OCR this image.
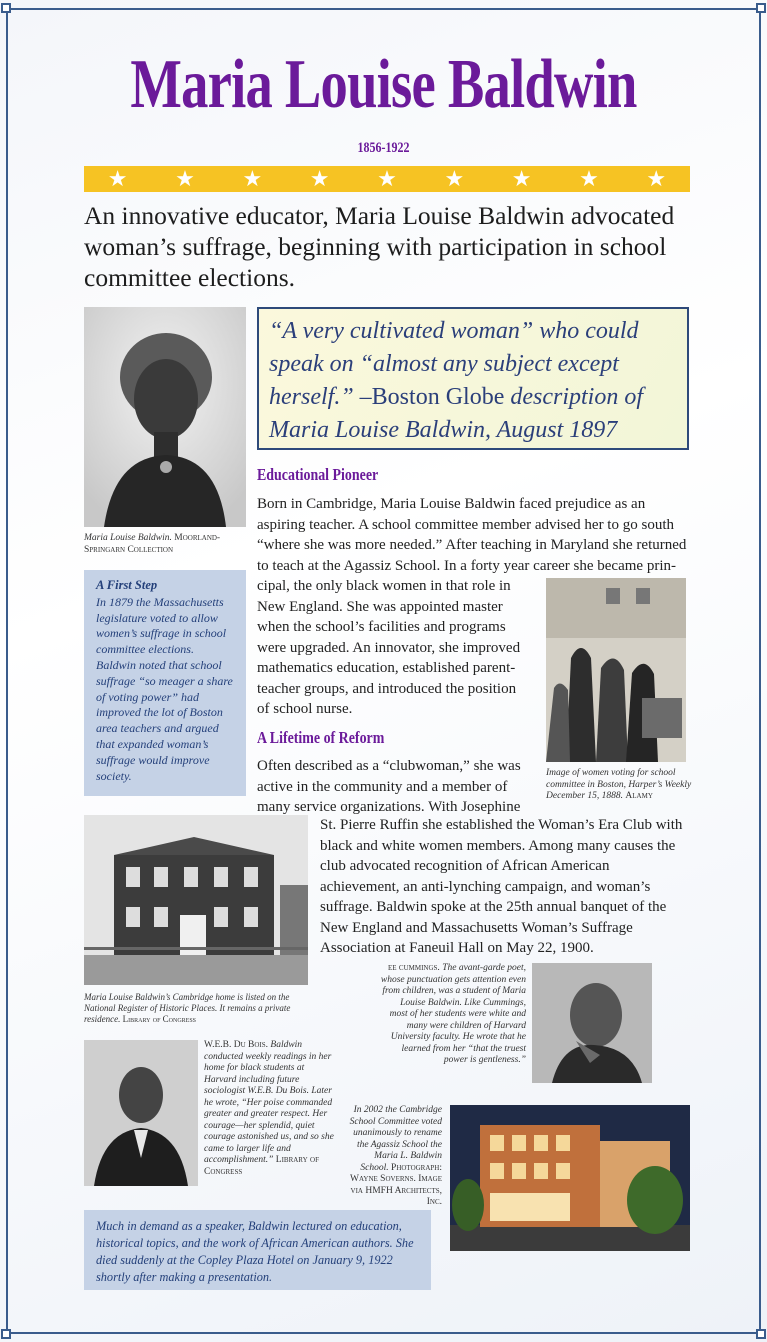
Maria Louise Baldwin
1856-1922
★ ★ ★ ★ ★ ★ ★ ★ ★
An innovative educator, Maria Louise Baldwin advocated woman’s suffrage, beginning with participation in school committee elections.
Maria Louise Baldwin. Moorland-Springarn Collection
“A very cultivated woman” who could speak on “almost any subject except herself.” –Boston Globe description of Maria Louise Baldwin, August 1897
Educational Pioneer
Born in Cambridge, Maria Louise Baldwin faced prejudice as an aspiring teacher. A school committee member advised her to go south “where she was more needed.” After teaching in Maryland she returned to teach at the Agassiz School. In a forty year career she became prin-
cipal, the only black women in that role in New England. She was appointed master when the school’s facilities and programs were upgraded. An innovator, she improved mathematics education, established parent-teacher groups, and introduced the position of school nurse.
A First Step
In 1879 the Massachusetts legislature voted to allow women’s suffrage in school committee elections. Baldwin noted that school suffrage “so meager a share of voting power” had improved the lot of Boston area teachers and argued that expanded woman’s suffrage would improve society.	Image of women voting for school committee in Boston, Harper’s Weekly December 15, 1888. Alamy
A Lifetime of Reform
Often described as a “clubwoman,” she was active in the community and a member of many service organizations. With Josephine
St. Pierre Ruffin she established the Woman’s Era Club with black and white women members. Among many causes the club advocated recognition of African American achievement, an anti-lynching campaign, and woman’s suffrage. Baldwin spoke at the 25th annual banquet of the New England and Massachusetts Woman’s Suffrage Association at Faneuil Hall on May 22, 1900.
Maria Louise Baldwin’s Cambridge home is listed on the National Register of Historic Places. It remains a private residence. Library of Congress
ee cummings. The avant-garde poet, whose punctuation gets attention even from children, was a student of Maria Louise Baldwin. Like Cummings, most of her students were white and many were children of Harvard University faculty. He wrote that he learned from her “that the truest power is gentleness.”
W.E.B. Du Bois. Baldwin conducted weekly readings in her home for black students at Harvard including future sociologist W.E.B. Du Bois. Later he wrote, “Her poise commanded greater and greater respect. Her courage—her splendid, quiet courage astonished us, and so she came to larger life and accomplishment.” Library of Congress
In 2002 the Cambridge School Committee voted unanimously to rename the Agassiz School the Maria L. Baldwin School. Photograph: Wayne Soverns. Image via HMFH Architects, Inc.
Much in demand as a speaker, Baldwin lectured on education, historical topics, and the work of African American authors. She died suddenly at the Copley Plaza Hotel on January 9, 1922 shortly after making a presentation.
